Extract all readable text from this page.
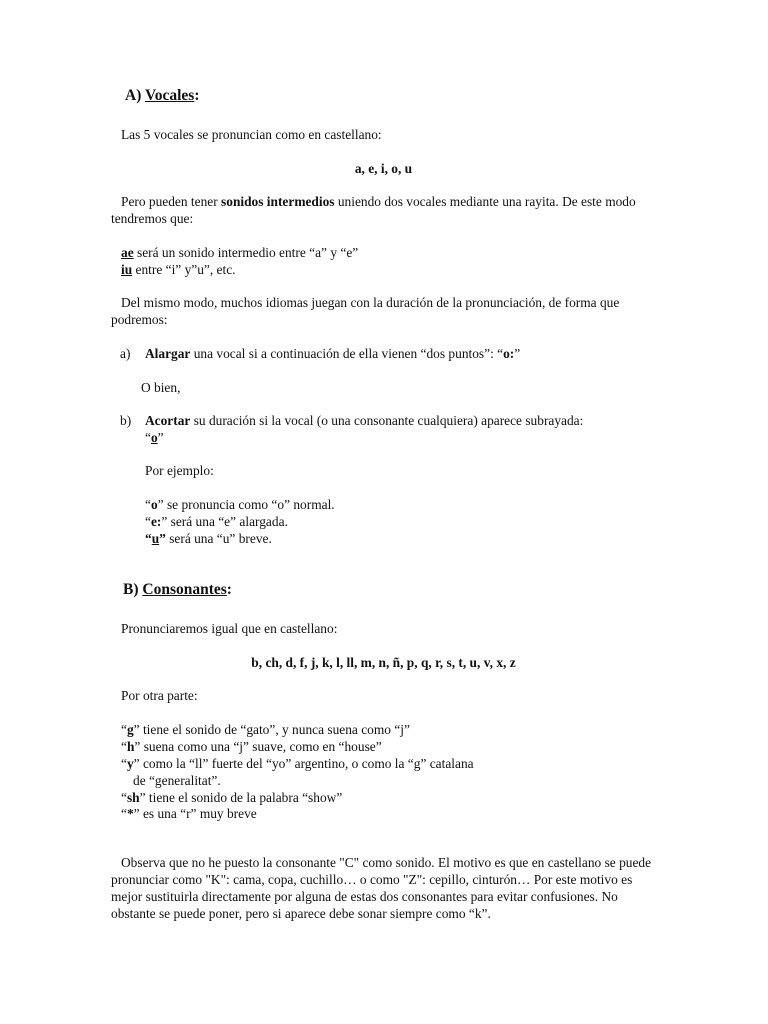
A) Vocales:

Las 5 vocales se pronuncian como en castellano:

a, e, i, o, u

Pero pueden tener sonidos intermedios uniendo dos vocales mediante una rayita. De este modo tendremos que:

ae será un sonido intermedio entre “a” y “e”

iu entre “i” y”u”, etc.

Del mismo modo, muchos idiomas juegan con la duración de la pronunciación, de forma que podremos:

a) Alargar una vocal si a continuación de ella vienen “dos puntos”: “o:”

O bien,

b) Acortar su duración si la vocal (o una consonante cualquiera) aparece subrayada:

“o”

Por ejemplo:

“o” se pronuncia como “o” normal.

“e:” será una “e” alargada.

“u” será una “u” breve.

B) Consonantes:

Pronunciaremos igual que en castellano:

b, ch, d, f, j, k, l, ll, m, n, ñ, p, q, r, s, t, u, v, x, z

Por otra parte:

“g” tiene el sonido de “gato”, y nunca suena como “j”

“h” suena como una “j” suave, como en “house”

“y” como la “ll” fuerte del “yo” argentino, o como la “g” catalana

de “generalitat”.

“sh” tiene el sonido de la palabra “show”

“*” es una “r” muy breve

Observa que no he puesto la consonante "C" como sonido. El motivo es que en castellano se puede pronunciar como "K": cama, copa, cuchillo… o como "Z": cepillo, cinturón… Por este motivo es mejor sustituirla directamente por alguna de estas dos consonantes para evitar confusiones. No obstante se puede poner, pero si aparece debe sonar siempre como “k”.
